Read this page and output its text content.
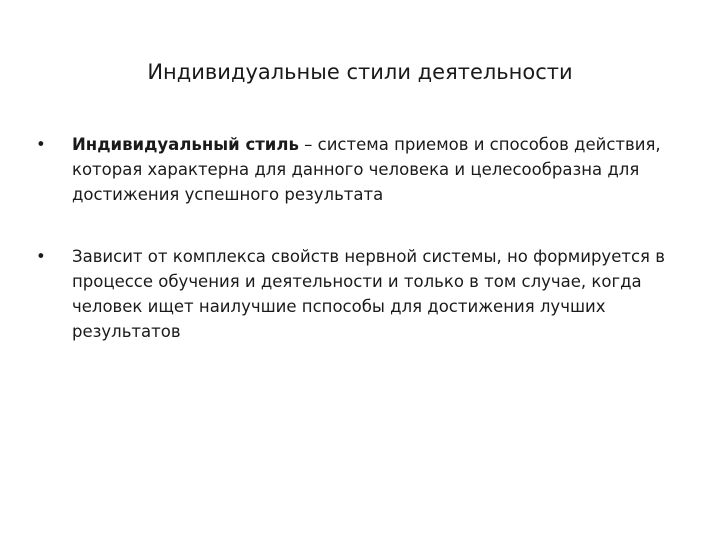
Индивидуальные стили деятельности
•	Индивидуальный стиль – система приемов и способов действия, которая характерна для данного человека и целесообразна для достижения успешного результата
•	Зависит от комплекса свойств нервной системы, но формируется в процессе обучения и деятельности и только в том случае, когда человек ищет наилучшие пспособы для достижения лучших результатов
